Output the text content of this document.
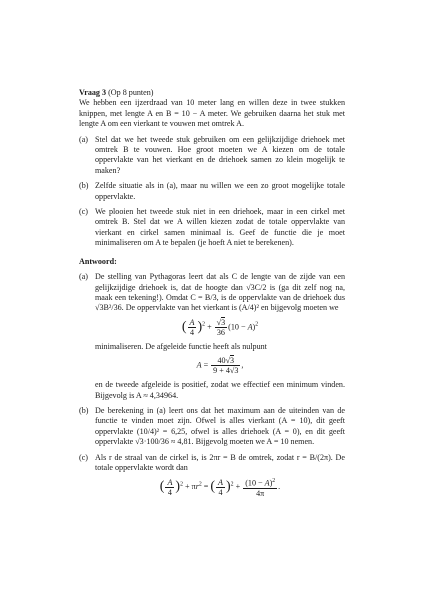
Vraag 3 (Op 8 punten)

We hebben een ijzerdraad van 10 meter lang en willen deze in twee stukken knippen, met lengte A en B = 10 − A meter. We gebruiken daarna het stuk met lengte A om een vierkant te vouwen met omtrek A.

(a) Stel dat we het tweede stuk gebruiken om een gelijkzijdige driehoek met omtrek B te vouwen. Hoe groot moeten we A kiezen om de totale oppervlakte van het vierkant en de driehoek samen zo klein mogelijk te maken?
(b) Zelfde situatie als in (a), maar nu willen we een zo groot mogelijke totale oppervlakte.
(c) We plooien het tweede stuk niet in een driehoek, maar in een cirkel met omtrek B. Stel dat we A willen kiezen zodat de totale oppervlakte van vierkant en cirkel samen minimaal is. Geef de functie die je moet minimaliseren om A te bepalen (je hoeft A niet te berekenen).
Antwoord:
(a) De stelling van Pythagoras leert dat als C de lengte van de zijde van een gelijkzijdige driehoek is, dat de hoogte dan √3C/2 is (ga dit zelf nog na, maak een tekening!). Omdat C = B/3, is de oppervlakte van de driehoek dus √3B²/36. De oppervlakte van het vierkant is (A/4)² en bijgevolg moeten we
( $\frac{A}{4} )^2 + \frac{√3}{36} (10 - A)^2$
minimaliseren. De afgeleide functie heeft als nulpunt
$A = \frac{40√3}{9 + 4√3}$ ,
en de tweede afgeleide is positief, zodat we effectief een minimum vinden. Bijgevolg is A ≈ 4,34964.
(b) De berekening in (a) leert ons dat het maximum aan de uiteinden van de functie te vinden moet zijn. Ofwel is alles vierkant (A = 10), dit geeft oppervlakte (10/4)² = 6,25, ofwel is alles driehoek (A = 0), en dit geeft oppervlakte √3·100/36 ≈ 4,81. Bijgevolg moeten we A = 10 nemen.
(c) Als r de straal van de cirkel is, is 2πr = B de omtrek, zodat r = B/(2π). De totale oppervlakte wordt dan
( $\frac{A}{4} )^2 + \pi r^2$ = ( $\frac{A}{4} )^2 + \frac{(10 - A)^2}{4\pi}$ .
